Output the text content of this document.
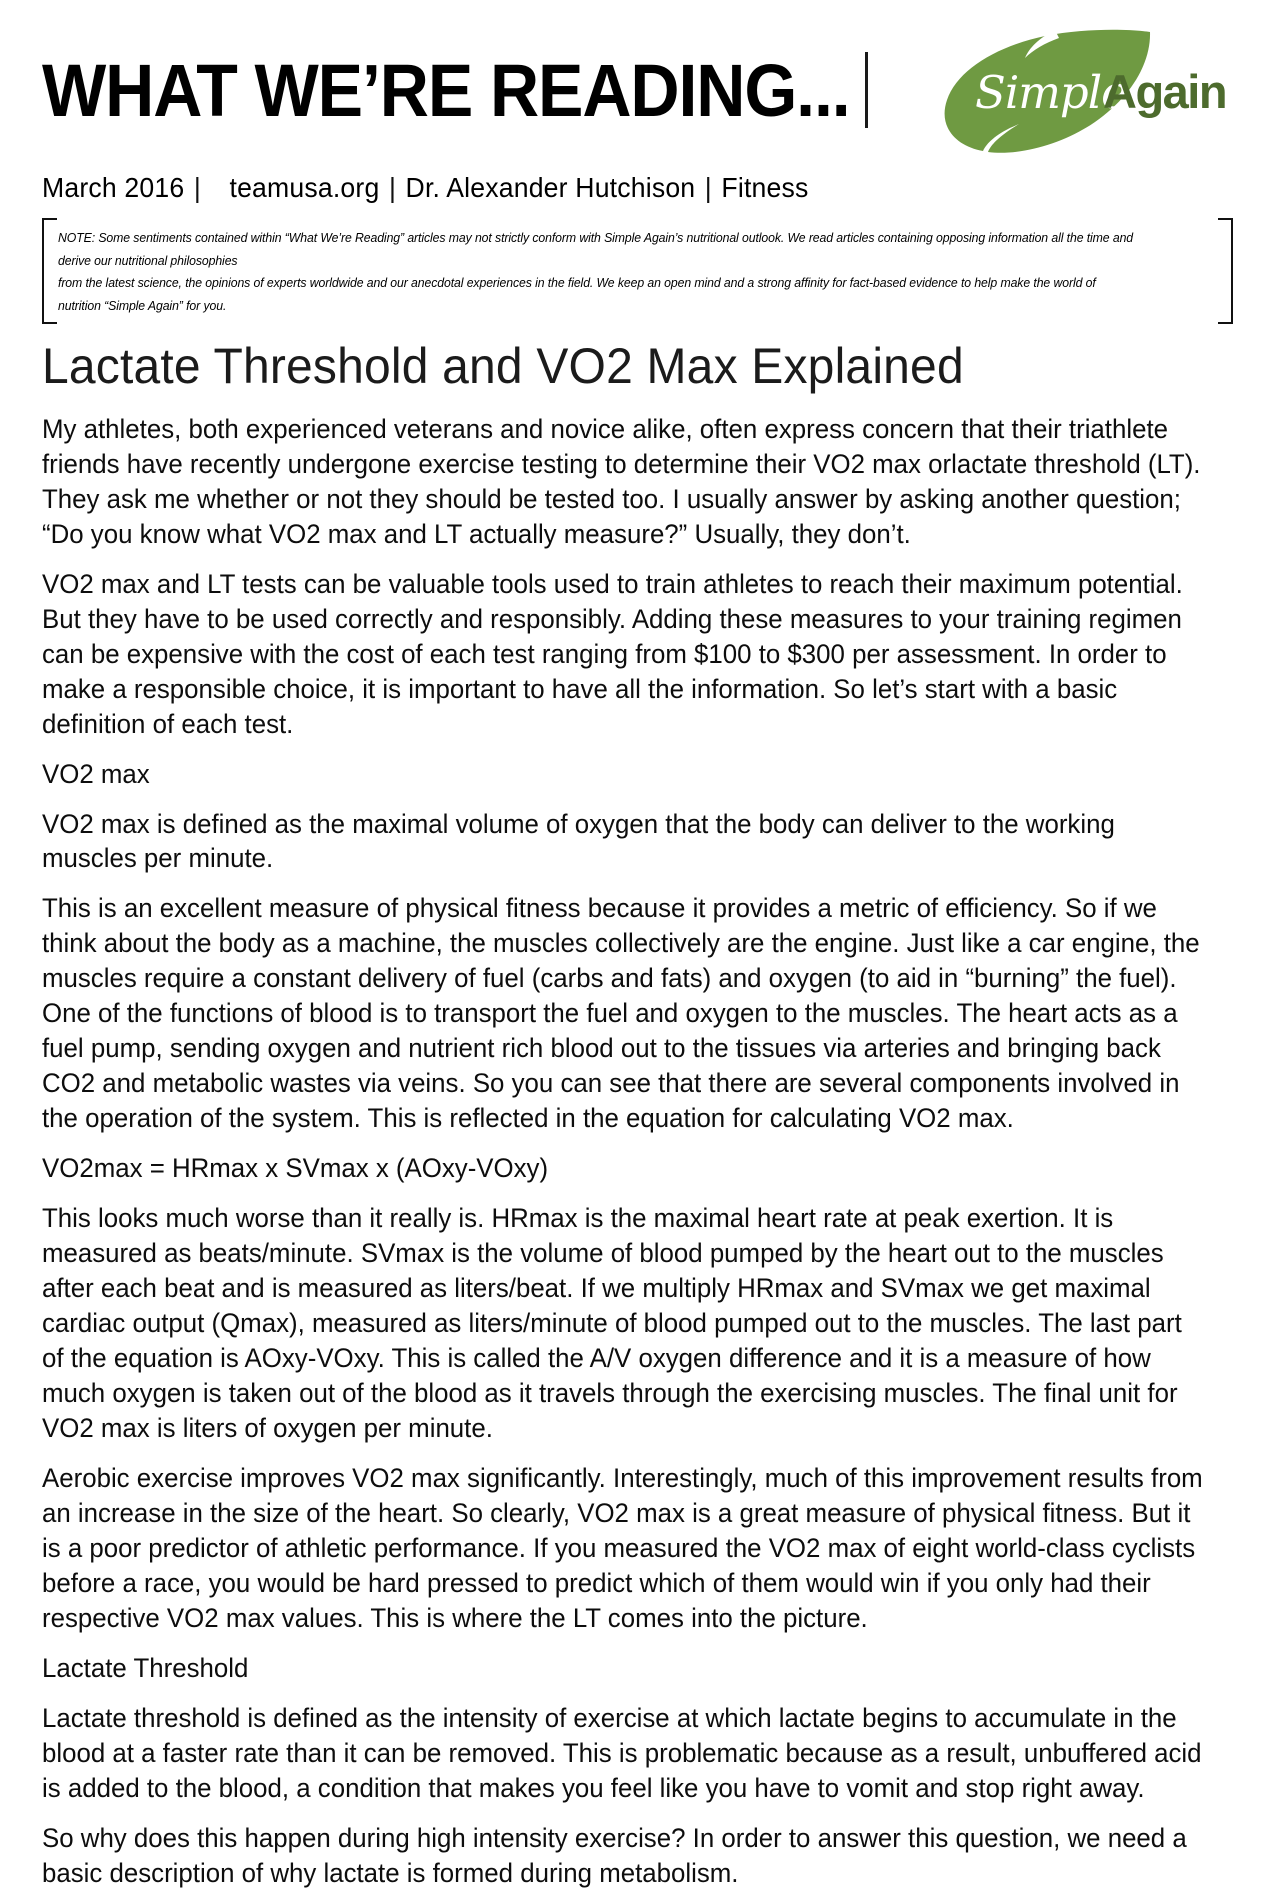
WHAT WE’RE READING...	Simple
Again
March 2016 | teamusa.org | Dr. Alexander Hutchison | Fitness
NOTE: Some sentiments contained within “What We’re Reading” articles may not strictly conform with Simple Again’s nutritional outlook. We read articles containing opposing information all the time and derive our nutritional philosophies
from the latest science, the opinions of experts worldwide and our anecdotal experiences in the field. We keep an open mind and a strong affinity for fact-based evidence to help make the world of nutrition “Simple Again” for you.
Lactate Threshold and VO2 Max Explained

My athletes, both experienced veterans and novice alike, often express concern that their triathlete friends have recently undergone exercise testing to determine their VO2 max orlactate threshold (LT). They ask me whether or not they should be tested too. I usually answer by asking another question; “Do you know what VO2 max and LT actually measure?” Usually, they don’t.

VO2 max and LT tests can be valuable tools used to train athletes to reach their maximum potential. But they have to be used correctly and responsibly. Adding these measures to your training regimen can be expensive with the cost of each test ranging from $100 to $300 per assessment. In order to make a responsible choice, it is important to have all the information. So let’s start with a basic definition of each test.

VO2 max

VO2 max is defined as the maximal volume of oxygen that the body can deliver to the working muscles per minute.

This is an excellent measure of physical fitness because it provides a metric of efficiency. So if we think about the body as a machine, the muscles collectively are the engine. Just like a car engine, the muscles require a constant delivery of fuel (carbs and fats) and oxygen (to aid in “burning” the fuel). One of the functions of blood is to transport the fuel and oxygen to the muscles. The heart acts as a fuel pump, sending oxygen and nutrient rich blood out to the tissues via arteries and bringing back CO2 and metabolic wastes via veins. So you can see that there are several components involved in the operation of the system. This is reflected in the equation for calculating VO2 max.

VO2max = HRmax x SVmax x (AOxy-VOxy)

This looks much worse than it really is. HRmax is the maximal heart rate at peak exertion. It is measured as beats/minute. SVmax is the volume of blood pumped by the heart out to the muscles after each beat and is measured as liters/beat. If we multiply HRmax and SVmax we get maximal cardiac output (Qmax), measured as liters/minute of blood pumped out to the muscles. The last part of the equation is AOxy-VOxy. This is called the A/V oxygen difference and it is a measure of how much oxygen is taken out of the blood as it travels through the exercising muscles. The final unit for VO2 max is liters of oxygen per minute.

Aerobic exercise improves VO2 max significantly. Interestingly, much of this improvement results from an increase in the size of the heart. So clearly, VO2 max is a great measure of physical fitness. But it is a poor predictor of athletic performance. If you measured the VO2 max of eight world-class cyclists before a race, you would be hard pressed to predict which of them would win if you only had their respective VO2 max values. This is where the LT comes into the picture.

Lactate Threshold

Lactate threshold is defined as the intensity of exercise at which lactate begins to accumulate in the blood at a faster rate than it can be removed. This is problematic because as a result, unbuffered acid is added to the blood, a condition that makes you feel like you have to vomit and stop right away.

So why does this happen during high intensity exercise? In order to answer this question, we need a basic description of why lactate is formed during metabolism.
